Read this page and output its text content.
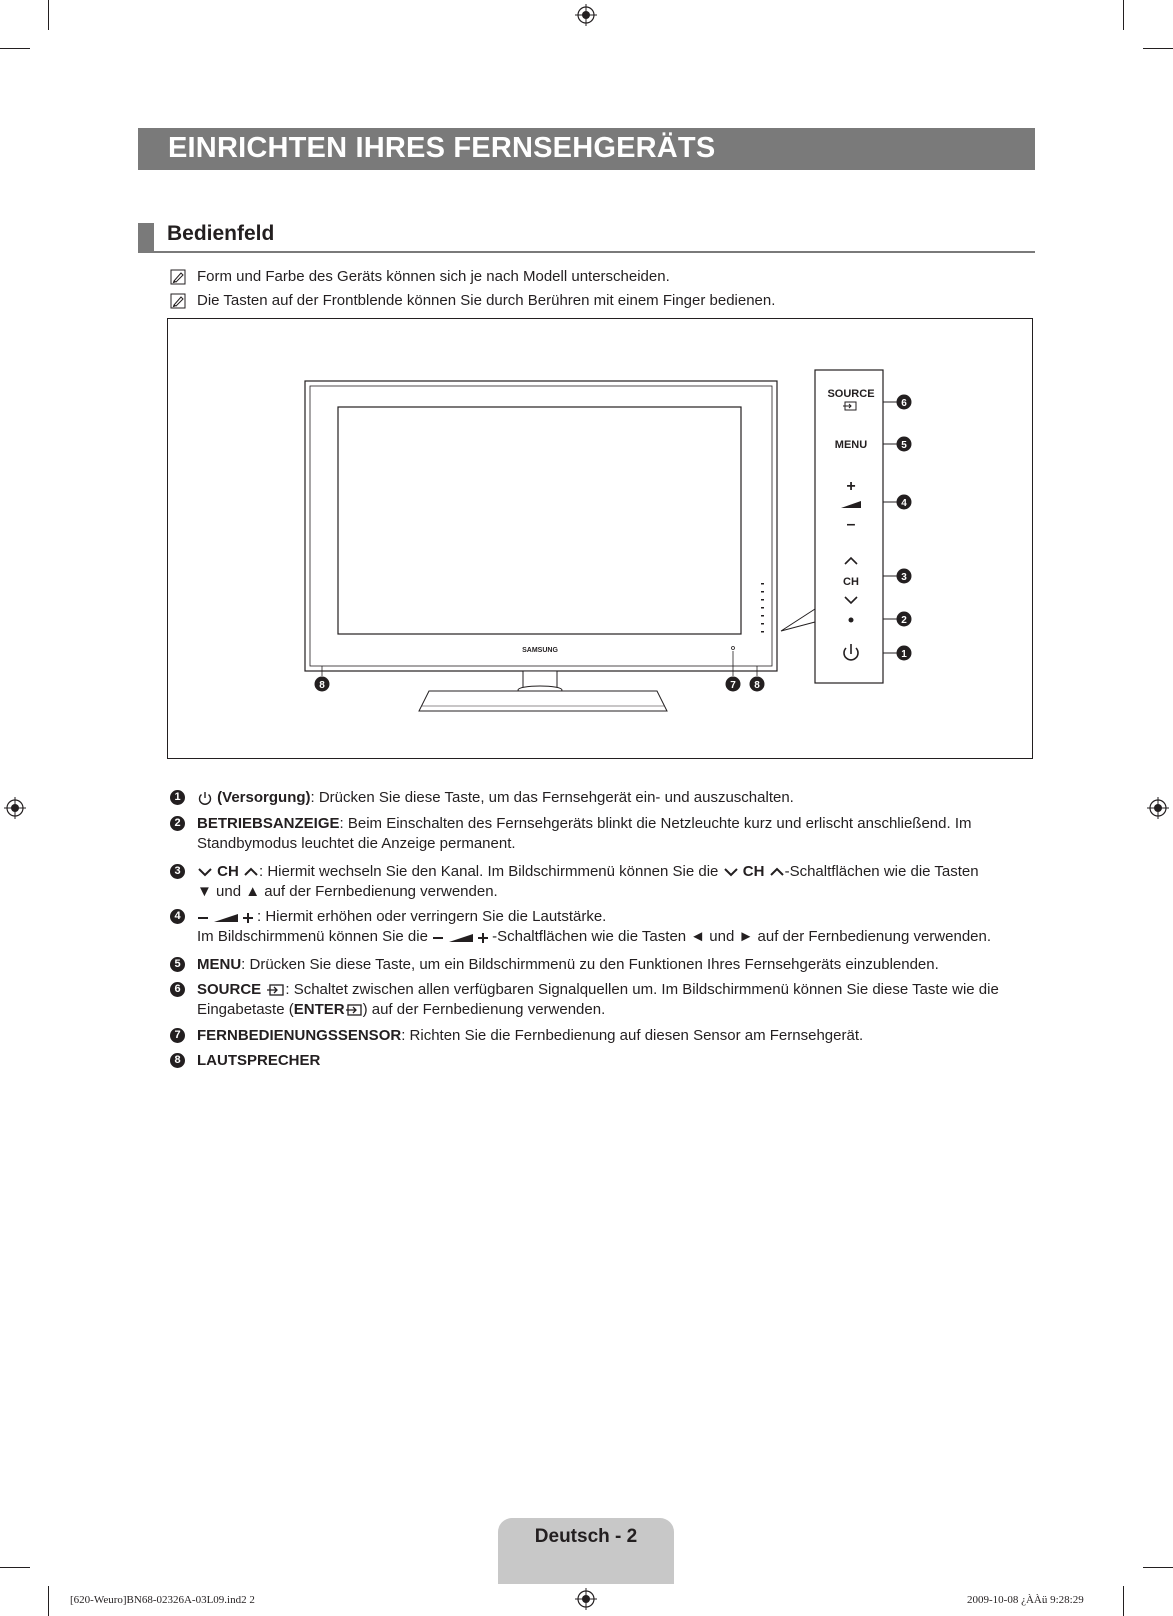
EINRICHTEN IHRES FERNSEHGERÄTS
Bedienfeld
Form und Farbe des Geräts können sich je nach Modell unterscheiden.
Die Tasten auf der Frontblende können Sie durch Berühren mit einem Finger bedienen.
6
5
4
3
2
1
8	7 8
SOURCE
MENU
+
–
CH
SAMSUNG
1	(Versorgung): Drücken Sie diese Taste, um das Fernsehgerät ein- und auszuschalten.
2 BETRIEBSANZEIGE: Beim Einschalten des Fernsehgeräts blinkt die Netzleuchte kurz und erlischt anschließend. Im Standbymodus leuchtet die Anzeige permanent.
3	CH : Hiermit wechseln Sie den Kanal. Im Bildschirmmenü können Sie die CH -Schaltflächen wie die Tasten
▼ und ▲ auf der Fernbedienung verwenden.
4	: Hiermit erhöhen oder verringern Sie die Lautstärke.
Im Bildschirmmenü können Sie die	-Schaltflächen wie die Tasten ◄ und ► auf der Fernbedienung verwenden.
5 MENU: Drücken Sie diese Taste, um ein Bildschirmmenü zu den Funktionen Ihres Fernsehgeräts einzublenden.
6 SOURCE : Schaltet zwischen allen verfügbaren Signalquellen um. Im Bildschirmmenü können Sie diese Taste wie die
Eingabetaste (ENTER ) auf der Fernbedienung verwenden.
7 FERNBEDIENUNGSSENSOR: Richten Sie die Fernbedienung auf diesen Sensor am Fernsehgerät.
8 LAUTSPRECHER
Deutsch - 2
[620-Weuro]BN68-02326A-03L09.ind2 2	2009-10-08 ¿ÀÀü 9:28:29
